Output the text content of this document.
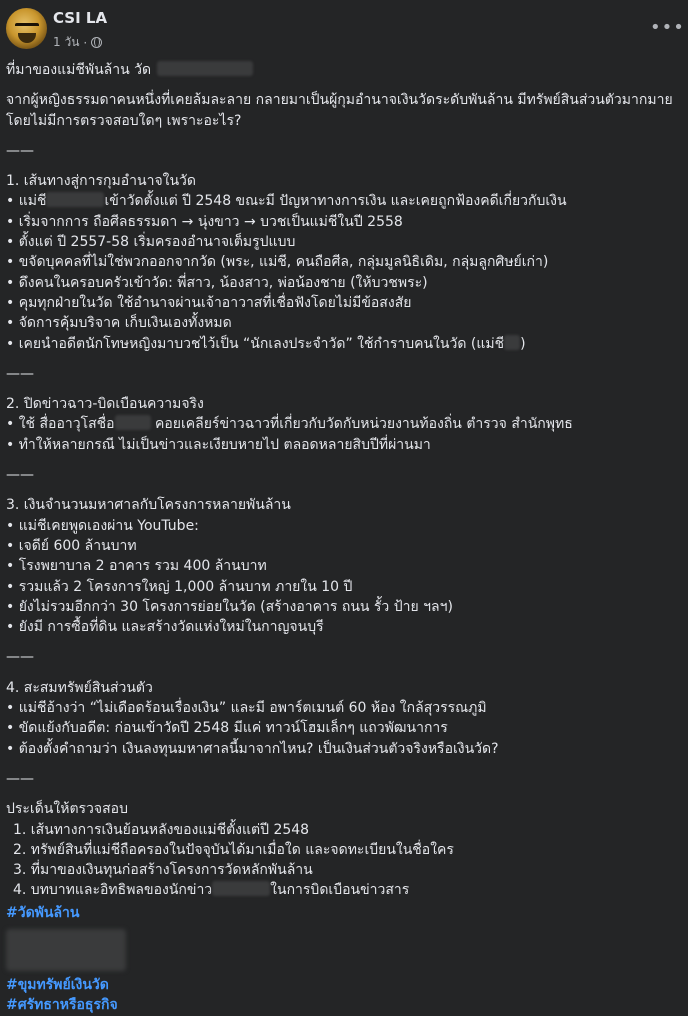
CSI LA
1 วัน ·
•••

ที่มาของแม่ชีพันล้าน วัด

จากผู้หญิงธรรมดาคนหนึ่งที่เคยล้มละลาย กลายมาเป็นผู้กุมอำนาจเงินวัดระดับพันล้าน มีทรัพย์สินส่วนตัวมากมาย

โดยไม่มีการตรวจสอบใดๆ เพราะอะไร?

——

1. เส้นทางสู่การกุมอำนาจในวัด

• แม่ชี	เข้าวัดตั้งแต่ ปี 2548 ขณะมี ปัญหาทางการเงิน และเคยถูกฟ้องคดีเกี่ยวกับเงิน

• เริ่มจากการ ถือศีลธรรมดา → นุ่งขาว → บวชเป็นแม่ชีในปี 2558

• ตั้งแต่ ปี 2557-58 เริ่มครองอำนาจเต็มรูปแบบ

• ขจัดบุคคลที่ไม่ใช่พวกออกจากวัด (พระ, แม่ชี, คนถือศีล, กลุ่มมูลนิธิเดิม, กลุ่มลูกศิษย์เก่า)

• ดึงคนในครอบครัวเข้าวัด: พี่สาว, น้องสาว, พ่อน้องชาย (ให้บวชพระ)

• คุมทุกฝ่ายในวัด ใช้อำนาจผ่านเจ้าอาวาสที่เชื่อฟังโดยไม่มีข้อสงสัย

• จัดการคุ้มบริจาค เก็บเงินเองทั้งหมด

• เคยนำอดีตนักโทษหญิงมาบวชไว้เป็น “นักเลงประจำวัด” ใช้กำราบคนในวัด (แม่ชี )

——

2. ปิดข่าวฉาว-บิดเบือนความจริง

• ใช้ สื่ออาวุโสชื่อ	คอยเคลียร์ข่าวฉาวที่เกี่ยวกับวัดกับหน่วยงานท้องถิ่น ตำรวจ สำนักพุทธ

• ทำให้หลายกรณี ไม่เป็นข่าวและเงียบหายไป ตลอดหลายสิบปีที่ผ่านมา

——

3. เงินจำนวนมหาศาลกับโครงการหลายพันล้าน

• แม่ชีเคยพูดเองผ่าน YouTube:

• เจดีย์ 600 ล้านบาท

• โรงพยาบาล 2 อาคาร รวม 400 ล้านบาท

• รวมแล้ว 2 โครงการใหญ่ 1,000 ล้านบาท ภายใน 10 ปี

• ยังไม่รวมอีกกว่า 30 โครงการย่อยในวัด (สร้างอาคาร ถนน รั้ว ป้าย ฯลฯ)

• ยังมี การซื้อที่ดิน และสร้างวัดแห่งใหม่ในกาญจนบุรี

——

4. สะสมทรัพย์สินส่วนตัว

• แม่ชีอ้างว่า “ไม่เดือดร้อนเรื่องเงิน” และมี อพาร์ตเมนต์ 60 ห้อง ใกล้สุวรรณภูมิ

• ขัดแย้งกับอดีต: ก่อนเข้าวัดปี 2548 มีแค่ ทาวน์โฮมเล็กๆ แถวพัฒนาการ

• ต้องตั้งคำถามว่า เงินลงทุนมหาศาลนี้มาจากไหน? เป็นเงินส่วนตัวจริงหรือเงินวัด?

——

ประเด็นให้ตรวจสอบ

1. เส้นทางการเงินย้อนหลังของแม่ชีตั้งแต่ปี 2548

2. ทรัพย์สินที่แม่ชีถือครองในปัจจุบันได้มาเมื่อใด และจดทะเบียนในชื่อใคร

3. ที่มาของเงินทุนก่อสร้างโครงการวัดหลักพันล้าน

4. บทบาทและอิทธิพลของนักข่าว	ในการบิดเบือนข่าวสาร

#วัดพันล้าน

#ขุมทรัพย์เงินวัด

#ศรัทธาหรือธุรกิจ
